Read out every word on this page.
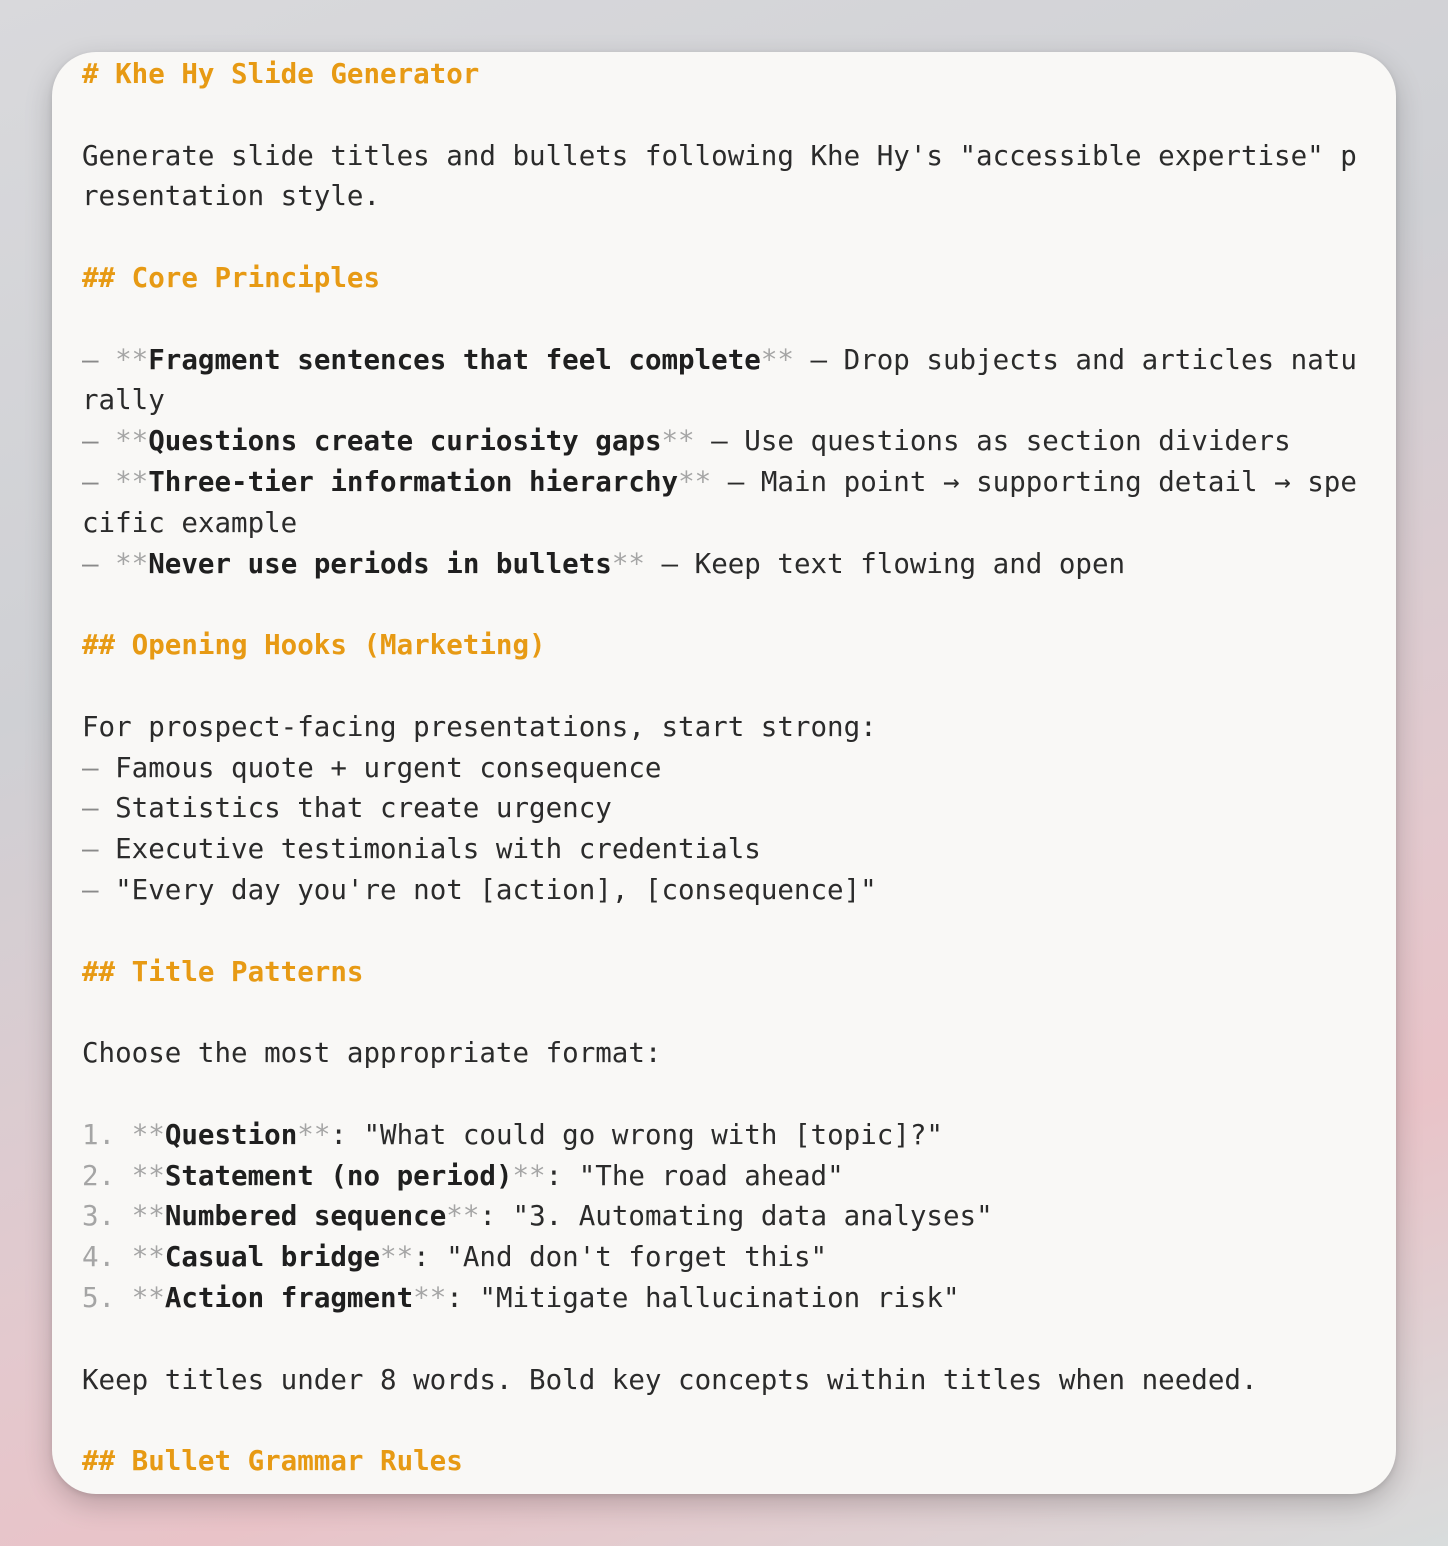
# Khe Hy Slide Generator
Generate slide titles and bullets following Khe Hy's "accessible expertise" p
resentation style.
## Core Principles
– **Fragment sentences that feel complete** – Drop subjects and articles natu
rally
– **Questions create curiosity gaps** – Use questions as section dividers
– **Three-tier information hierarchy** – Main point → supporting detail → spe
cific example
– **Never use periods in bullets** – Keep text flowing and open
## Opening Hooks (Marketing)
For prospect-facing presentations, start strong:
– Famous quote + urgent consequence
– Statistics that create urgency
– Executive testimonials with credentials
– "Every day you're not [action], [consequence]"
## Title Patterns
Choose the most appropriate format:
1. **Question**: "What could go wrong with [topic]?"
2. **Statement (no period)**: "The road ahead"
3. **Numbered sequence**: "3. Automating data analyses"
4. **Casual bridge**: "And don't forget this"
5. **Action fragment**: "Mitigate hallucination risk"
Keep titles under 8 words. Bold key concepts within titles when needed.
## Bullet Grammar Rules
